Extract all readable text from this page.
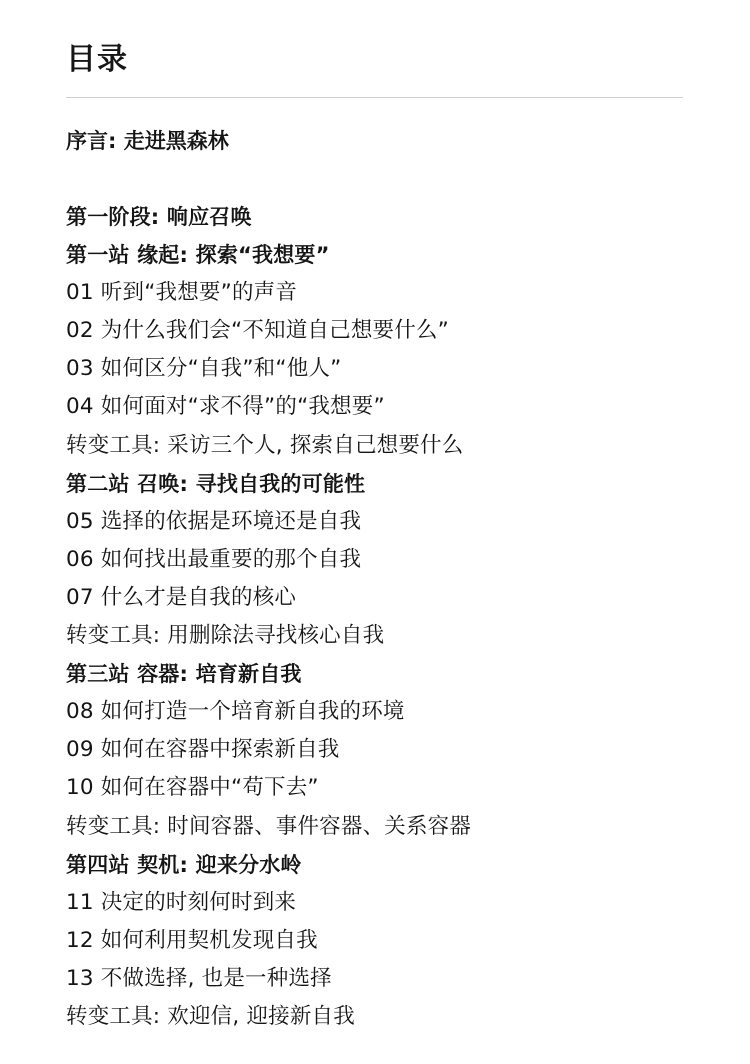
目录
序言: 走进黑森林
第一阶段: 响应召唤
第一站 缘起: 探索“我想要”
01 听到“我想要”的声音
02 为什么我们会“不知道自己想要什么”
03 如何区分“自我”和“他人”
04 如何面对“求不得”的“我想要”
转变工具: 采访三个人, 探索自己想要什么
第二站 召唤: 寻找自我的可能性
05 选择的依据是环境还是自我
06 如何找出最重要的那个自我
07 什么才是自我的核心
转变工具: 用删除法寻找核心自我
第三站 容器: 培育新自我
08 如何打造一个培育新自我的环境
09 如何在容器中探索新自我
10 如何在容器中“苟下去”
转变工具: 时间容器、事件容器、关系容器
第四站 契机: 迎来分水岭
11 决定的时刻何时到来
12 如何利用契机发现自我
13 不做选择, 也是一种选择
转变工具: 欢迎信, 迎接新自我
